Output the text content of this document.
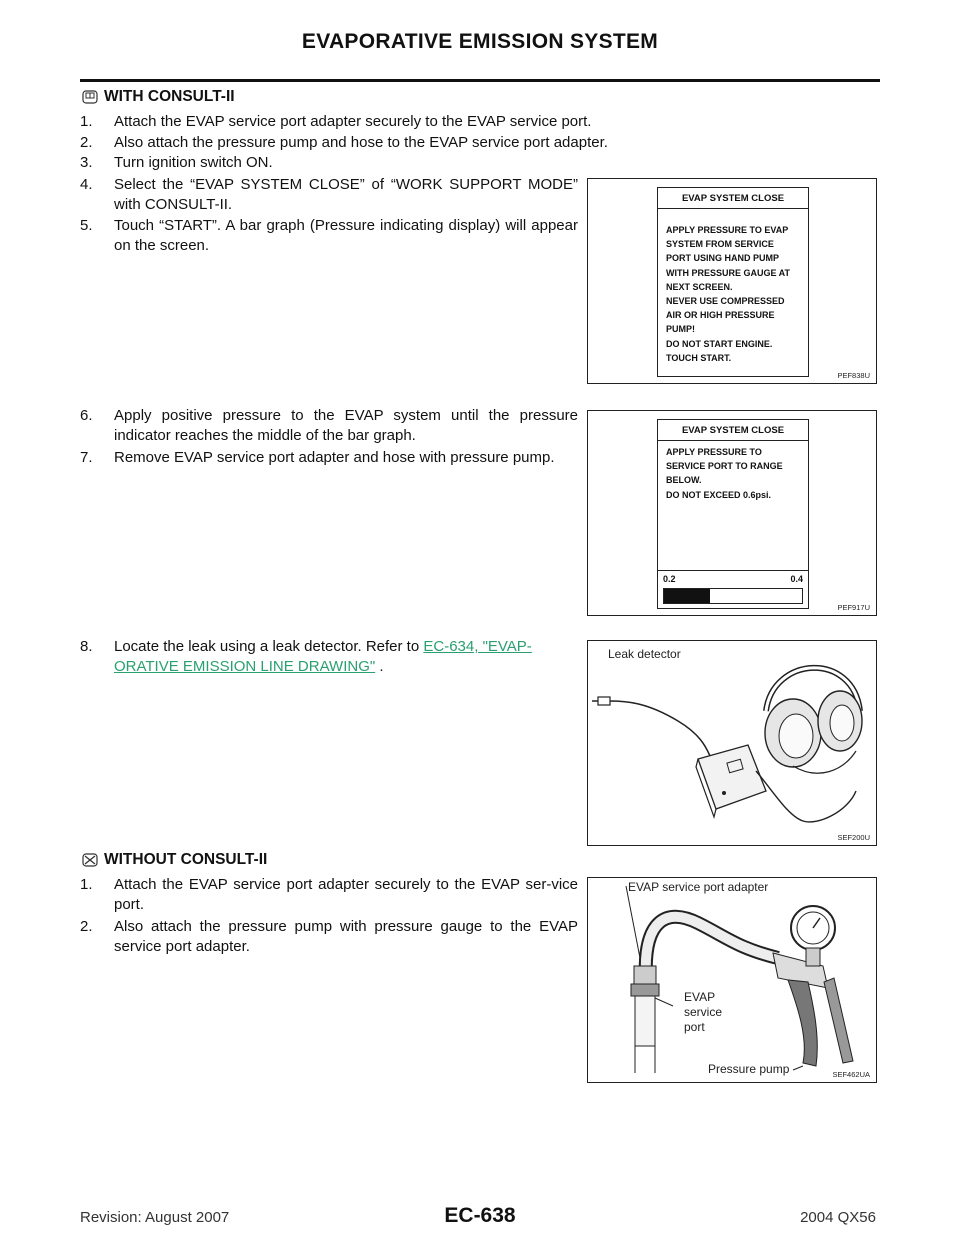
EVAPORATIVE EMISSION SYSTEM
WITH CONSULT-II
1.	Attach the EVAP service port adapter securely to the EVAP service port.
2.	Also attach the pressure pump and hose to the EVAP service port adapter.
3.	Turn ignition switch ON.
4.	Select the “EVAP SYSTEM CLOSE” of “WORK SUPPORT MODE” with CONSULT-II.
5.	Touch “START”. A bar graph (Pressure indicating display) will appear on the screen.
EVAP SYSTEM CLOSE
APPLY PRESSURE TO EVAP
SYSTEM FROM SERVICE
PORT USING HAND PUMP
WITH PRESSURE GAUGE AT
NEXT SCREEN.
NEVER USE COMPRESSED
AIR OR HIGH PRESSURE
PUMP!
DO NOT START ENGINE.
TOUCH START.
PEF838U
6.	Apply positive pressure to the EVAP system until the pressure indicator reaches the middle of the bar graph.
7.	Remove EVAP service port adapter and hose with pressure pump.
EVAP SYSTEM CLOSE
APPLY PRESSURE TO
SERVICE PORT TO RANGE
BELOW.
DO NOT EXCEED 0.6psi.
0.2	0.4
PEF917U
8.	Locate the leak using a leak detector. Refer to EC-634, "EVAP-ORATIVE EMISSION LINE DRAWING" .
Leak detector
SEF200U
WITHOUT CONSULT-II
1.	Attach the EVAP service port adapter securely to the EVAP ser-vice port.
2.	Also attach the pressure pump with pressure gauge to the EVAP service port adapter.
EVAP service port adapter
EVAP
service
port
Pressure pump	SEF462UA
Revision: August 2007	EC-638	2004 QX56
